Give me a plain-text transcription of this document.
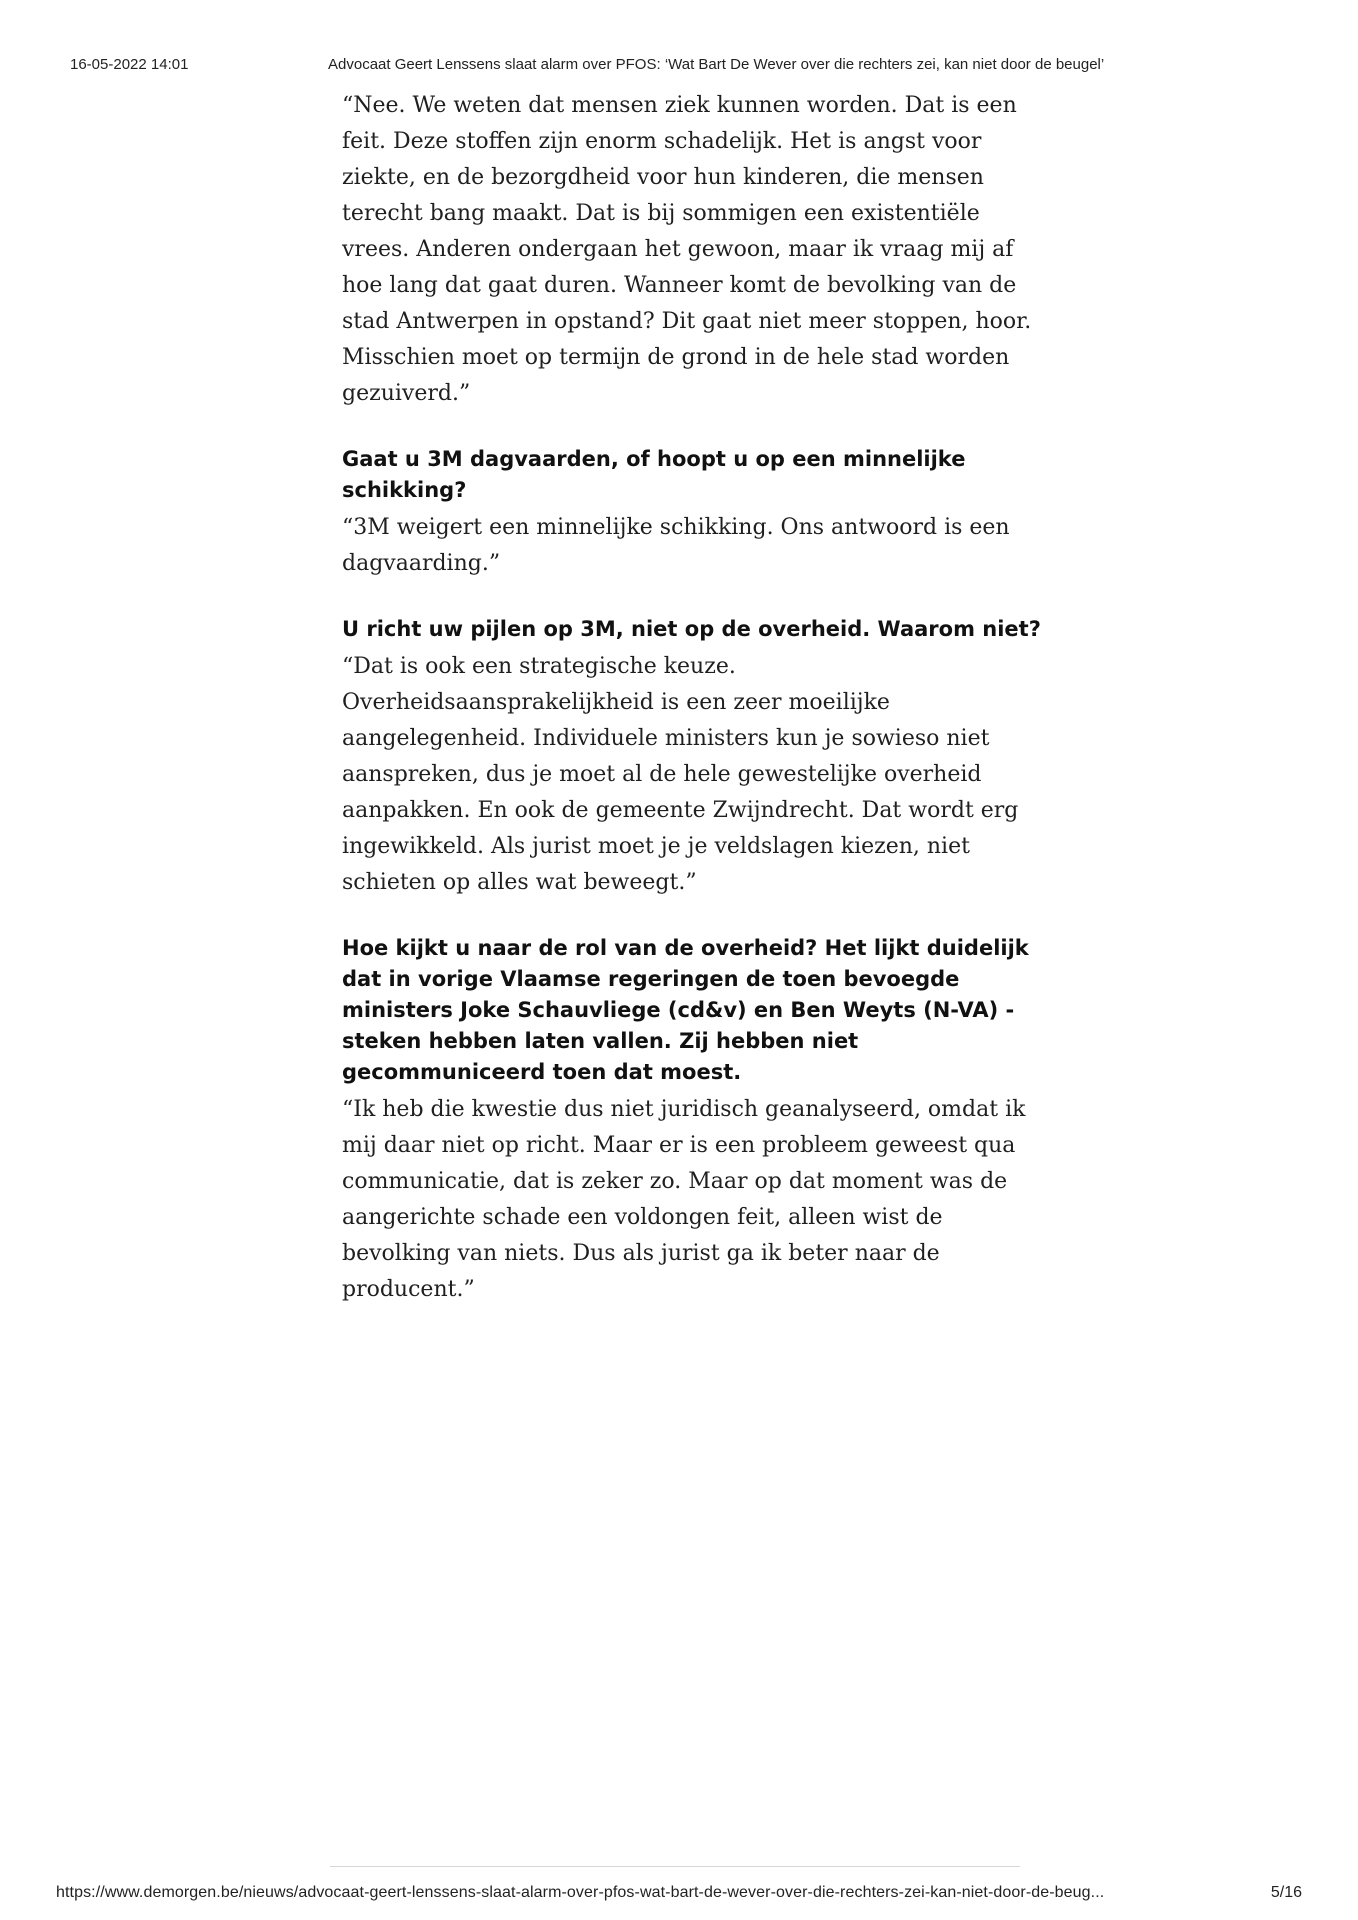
16-05-2022 14:01	Advocaat Geert Lenssens slaat alarm over PFOS: ‘Wat Bart De Wever over die rechters zei, kan niet door de beugel’

“Nee. We weten dat mensen ziek kunnen worden. Dat is een feit. Deze stoffen zijn enorm schadelijk. Het is angst voor ziekte, en de bezorgdheid voor hun kinderen, die mensen terecht bang maakt. Dat is bij sommigen een existentiële vrees. Anderen ondergaan het gewoon, maar ik vraag mij af hoe lang dat gaat duren. Wanneer komt de bevolking van de stad Antwerpen in opstand? Dit gaat niet meer stoppen, hoor. Misschien moet op termijn de grond in de hele stad worden gezuiverd.”

Gaat u 3M dagvaarden, of hoopt u op een minnelijke schikking?

“3M weigert een minnelijke schikking. Ons antwoord is een dagvaarding.”

U richt uw pijlen op 3M, niet op de overheid. Waarom niet?

“Dat is ook een strategische keuze. Overheidsaansprakelijkheid is een zeer moeilijke aangelegenheid. Individuele ministers kun je sowieso niet aanspreken, dus je moet al de hele gewestelijke overheid aanpakken. En ook de gemeente Zwijndrecht. Dat wordt erg ingewikkeld. Als jurist moet je je veldslagen kiezen, niet schieten op alles wat beweegt.”

Hoe kijkt u naar de rol van de overheid? Het lijkt duidelijk dat in vorige Vlaamse regeringen de toen bevoegde ministers Joke Schauvliege (cd&v) en Ben Weyts (N-VA) - steken hebben laten vallen. Zij hebben niet gecommuniceerd toen dat moest.

“Ik heb die kwestie dus niet juridisch geanalyseerd, omdat ik mij daar niet op richt. Maar er is een probleem geweest qua communicatie, dat is zeker zo. Maar op dat moment was de aangerichte schade een voldongen feit, alleen wist de bevolking van niets. Dus als jurist ga ik beter naar de producent.”

https://www.demorgen.be/nieuws/advocaat-geert-lenssens-slaat-alarm-over-pfos-wat-bart-de-wever-over-die-rechters-zei-kan-niet-door-de-beug...	5/16
